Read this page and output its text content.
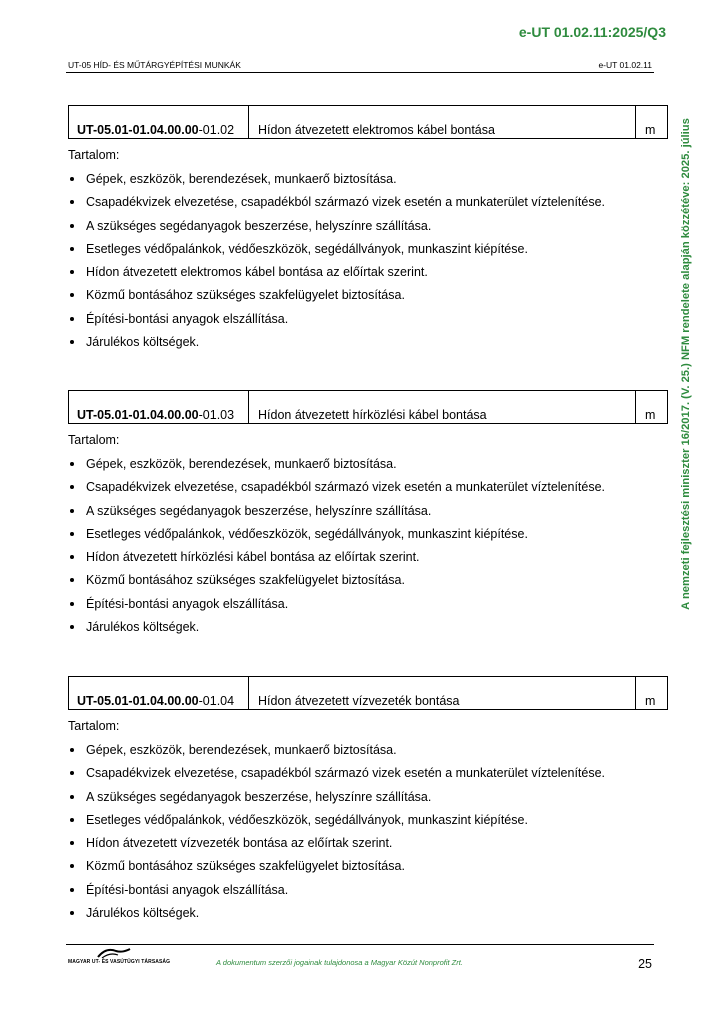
e-UT 01.02.11:2025/Q3
UT-05 HÍD- ÉS MŰTÁRGYÉPÍTÉSI MUNKÁK	e-UT 01.02.11
A nemzeti fejlesztési miniszter 16/2017. (V. 25.) NFM rendelete alapján közzétéve: 2025. július
UT-05.01-01.04.00.00-01.02	Hídon átvezetett elektromos kábel bontása	m
Tartalom:
Gépek, eszközök, berendezések, munkaerő biztosítása.
Csapadékvizek elvezetése, csapadékból származó vizek esetén a munkaterület víztelenítése.
A szükséges segédanyagok beszerzése, helyszínre szállítása.
Esetleges védőpalánkok, védőeszközök, segédállványok, munkaszint kiépítése.
Hídon átvezetett elektromos kábel bontása az előírtak szerint.
Közmű bontásához szükséges szakfelügyelet biztosítása.
Építési-bontási anyagok elszállítása.
Járulékos költségek.
UT-05.01-01.04.00.00-01.03	Hídon átvezetett hírközlési kábel bontása	m
Tartalom:
Gépek, eszközök, berendezések, munkaerő biztosítása.
Csapadékvizek elvezetése, csapadékból származó vizek esetén a munkaterület víztelenítése.
A szükséges segédanyagok beszerzése, helyszínre szállítása.
Esetleges védőpalánkok, védőeszközök, segédállványok, munkaszint kiépítése.
Hídon átvezetett hírközlési kábel bontása az előírtak szerint.
Közmű bontásához szükséges szakfelügyelet biztosítása.
Építési-bontási anyagok elszállítása.
Járulékos költségek.
UT-05.01-01.04.00.00-01.04	Hídon átvezetett vízvezeték bontása	m
Tartalom:
Gépek, eszközök, berendezések, munkaerő biztosítása.
Csapadékvizek elvezetése, csapadékból származó vizek esetén a munkaterület víztelenítése.
A szükséges segédanyagok beszerzése, helyszínre szállítása.
Esetleges védőpalánkok, védőeszközök, segédállványok, munkaszint kiépítése.
Hídon átvezetett vízvezeték bontása az előírtak szerint.
Közmű bontásához szükséges szakfelügyelet biztosítása.
Építési-bontási anyagok elszállítása.
Járulékos költségek.
MAGYAR UT- ÉS VASÚTÜGYI TÁRSASÁG	A dokumentum szerzői jogainak tulajdonosa a Magyar Közút Nonprofit Zrt.	25
